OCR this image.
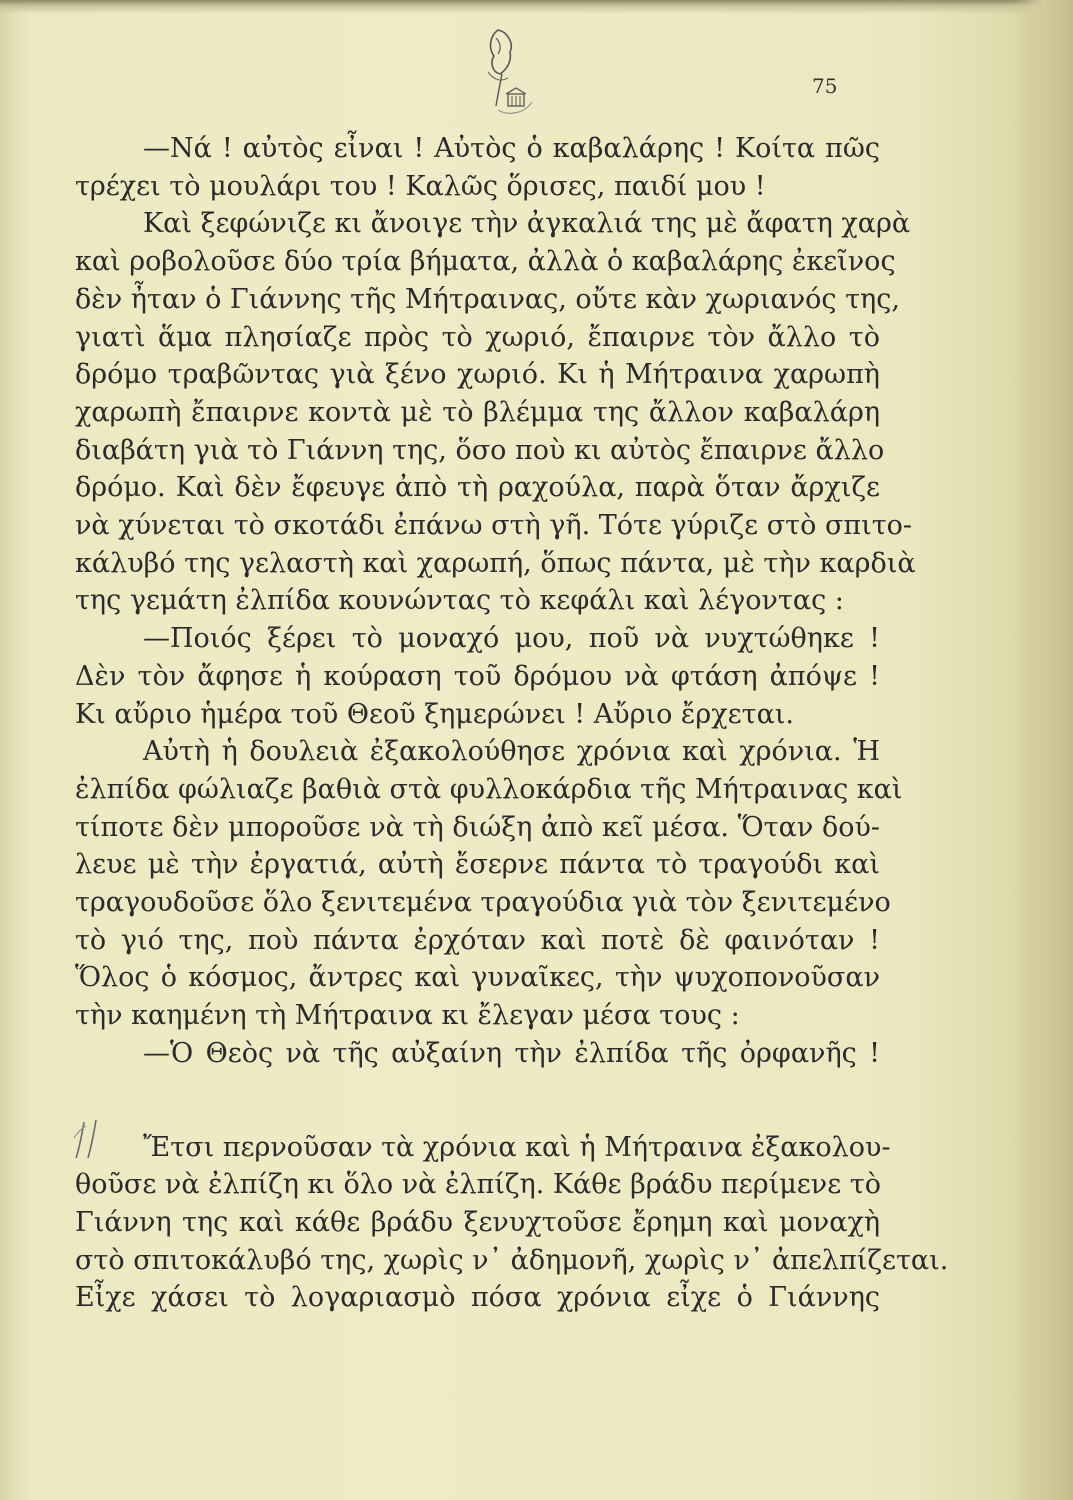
75
—Νά ! αὐτὸς εἶναι ! Αὐτὸς ὁ καβαλάρης ! Κοίτα πῶς
τρέχει τὸ μουλάρι του ! Καλῶς ὅρισες, παιδί μου !
Καὶ ξεφώνιζε κι ἄνοιγε τὴν ἀγκαλιά της μὲ ἄφατη χαρὰ
καὶ ροβολοῦσε δύο τρία βήματα, ἀλλὰ ὁ καβαλάρης ἐκεῖνος
δὲν ἦταν ὁ Γιάννης τῆς Μήτραινας, οὔτε κὰν χωριανός της,
γιατὶ ἅμα πλησίαζε πρὸς τὸ χωριό, ἔπαιρνε τὸν ἄλλο τὸ
δρόμο τραβῶντας γιὰ ξένο χωριό. Κι ἡ Μήτραινα χαρωπὴ
χαρωπὴ ἔπαιρνε κοντὰ μὲ τὸ βλέμμα της ἄλλον καβαλάρη
διαβάτη γιὰ τὸ Γιάννη της, ὅσο ποὺ κι αὐτὸς ἔπαιρνε ἄλλο
δρόμο. Καὶ δὲν ἔφευγε ἀπὸ τὴ ραχούλα, παρὰ ὅταν ἄρχιζε
νὰ χύνεται τὸ σκοτάδι ἐπάνω στὴ γῆ. Τότε γύριζε στὸ σπιτο-
κάλυβό της γελαστὴ καὶ χαρωπή, ὅπως πάντα, μὲ τὴν καρδιὰ
της γεμάτη ἐλπίδα κουνώντας τὸ κεφάλι καὶ λέγοντας :
—Ποιός ξέρει τὸ μοναχό μου, ποῦ νὰ νυχτώθηκε !
Δὲν τὸν ἄφησε ἡ κούραση τοῦ δρόμου νὰ φτάση ἀπόψε !
Κι αὔριο ἡμέρα τοῦ Θεοῦ ξημερώνει ! Αὔριο ἔρχεται.
Αὐτὴ ἡ δουλειὰ ἐξακολούθησε χρόνια καὶ χρόνια. Ἡ
ἐλπίδα φώλιαζε βαθιὰ στὰ φυλλοκάρδια τῆς Μήτραινας καὶ
τίποτε δὲν μποροῦσε νὰ τὴ διώξη ἀπὸ κεῖ μέσα. Ὅταν δού-
λευε μὲ τὴν ἐργατιά, αὐτὴ ἔσερνε πάντα τὸ τραγούδι καὶ
τραγουδοῦσε ὅλο ξενιτεμένα τραγούδια γιὰ τὸν ξενιτεμένο
τὸ γιό της, ποὺ πάντα ἐρχόταν καὶ ποτὲ δὲ φαινόταν !
Ὅλος ὁ κόσμος, ἄντρες καὶ γυναῖκες, τὴν ψυχοπονοῦσαν
τὴν καημένη τὴ Μήτραινα κι ἔλεγαν μέσα τους :
—Ὁ Θεὸς νὰ τῆς αὐξαίνη τὴν ἐλπίδα τῆς ὀρφανῆς !
Ἔτσι περνοῦσαν τὰ χρόνια καὶ ἡ Μήτραινα ἐξακολου-
θοῦσε νὰ ἐλπίζη κι ὅλο νὰ ἐλπίζη. Κάθε βράδυ περίμενε τὸ
Γιάννη της καὶ κάθε βράδυ ξενυχτοῦσε ἔρημη καὶ μοναχὴ
στὸ σπιτοκάλυβό της, χωρὶς ν᾽ ἀδημονῆ, χωρὶς ν᾽ ἀπελπίζεται.
Εἶχε χάσει τὸ λογαριασμὸ πόσα χρόνια εἶχε ὁ Γιάννης
